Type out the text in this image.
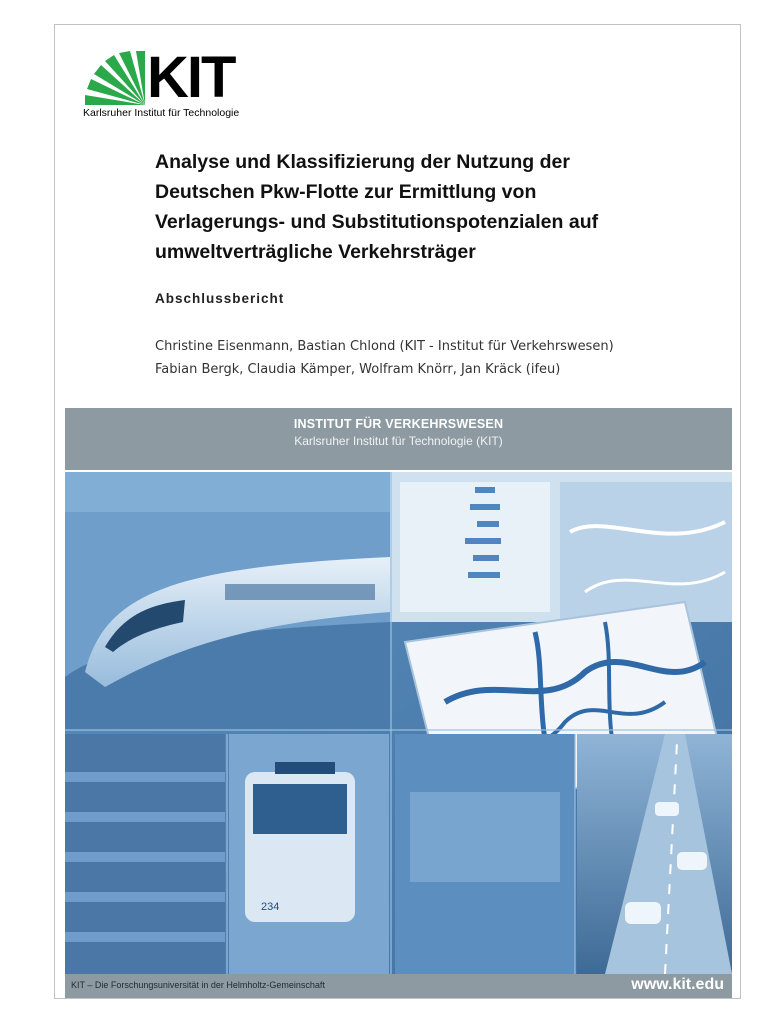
KIT
Karlsruher Institut für Technologie
Analyse und Klassifizierung der Nutzung der
Deutschen Pkw-Flotte zur Ermittlung von
Verlagerungs- und Substitutionspotenzialen auf
umweltverträgliche Verkehrsträger
Abschlussbericht
Christine Eisenmann, Bastian Chlond (KIT - Institut für Verkehrswesen)
Fabian Bergk, Claudia Kämper, Wolfram Knörr, Jan Kräck (ifeu)
INSTITUT FÜR VERKEHRSWESEN
Karlsruher Institut für Technologie (KIT)
234
KIT – Die Forschungsuniversität in der Helmholtz-Gemeinschaft	www.kit.edu
